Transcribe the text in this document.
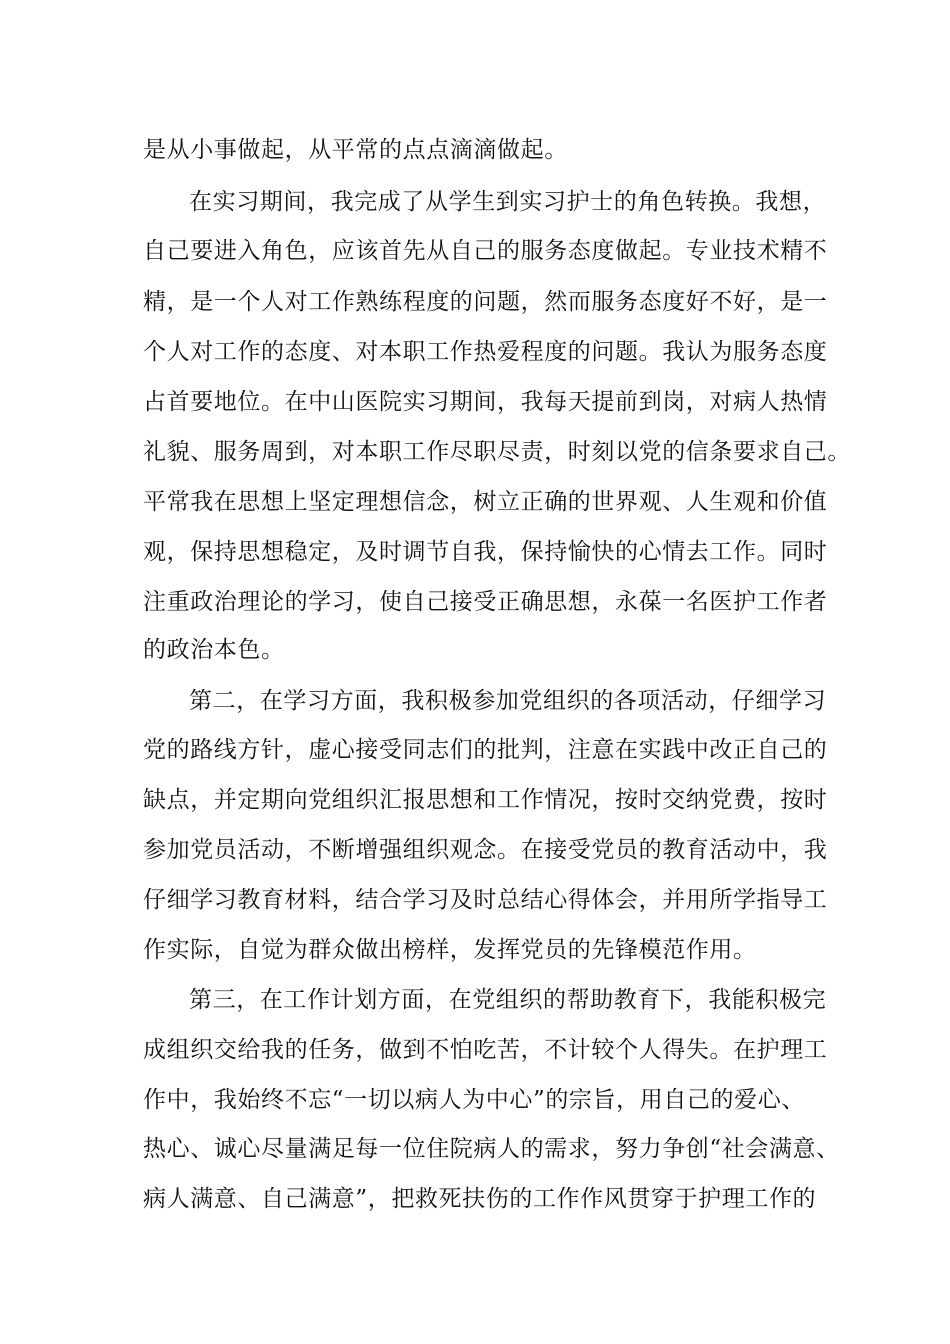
是从小事做起，从平常的点点滴滴做起。
在实习期间，我完成了从学生到实习护士的角色转换。我想，
自己要进入角色，应该首先从自己的服务态度做起。专业技术精不
精，是一个人对工作熟练程度的问题，然而服务态度好不好，是一
个人对工作的态度、对本职工作热爱程度的问题。我认为服务态度
占首要地位。在中山医院实习期间，我每天提前到岗，对病人热情
礼貌、服务周到，对本职工作尽职尽责，时刻以党的信条要求自己。
平常我在思想上坚定理想信念，树立正确的世界观、人生观和价值
观，保持思想稳定，及时调节自我，保持愉快的心情去工作。同时
注重政治理论的学习，使自己接受正确思想，永葆一名医护工作者
的政治本色。
第二，在学习方面，我积极参加党组织的各项活动，仔细学习
党的路线方针，虚心接受同志们的批判，注意在实践中改正自己的
缺点，并定期向党组织汇报思想和工作情况，按时交纳党费，按时
参加党员活动，不断增强组织观念。在接受党员的教育活动中，我
仔细学习教育材料，结合学习及时总结心得体会，并用所学指导工
作实际，自觉为群众做出榜样，发挥党员的先锋模范作用。
第三，在工作计划方面，在党组织的帮助教育下，我能积极完
成组织交给我的任务，做到不怕吃苦，不计较个人得失。在护理工
作中，我始终不忘“一切以病人为中心”的宗旨，用自己的爱心、
热心、诚心尽量满足每一位住院病人的需求，努力争创“社会满意、
病人满意、自己满意”，把救死扶伤的工作作风贯穿于护理工作的
